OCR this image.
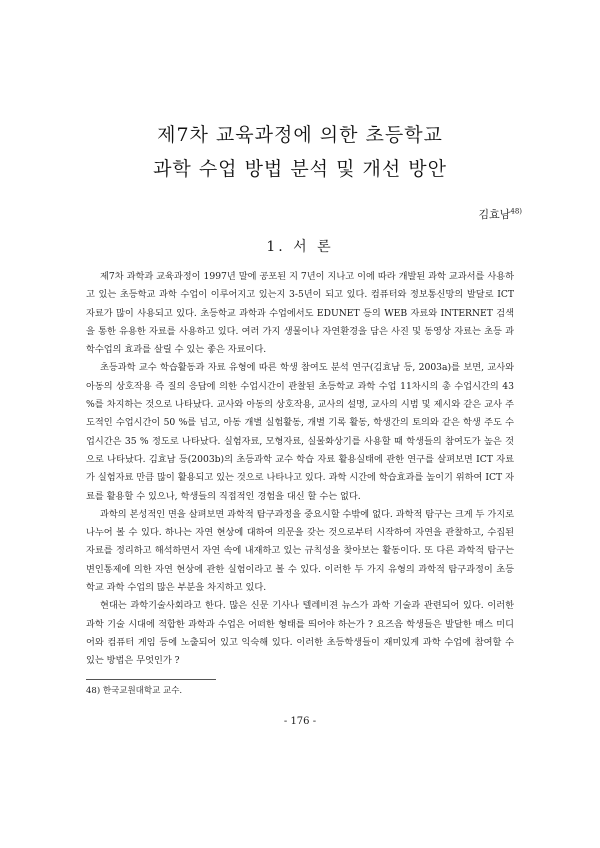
제7차 교육과정에 의한 초등학교
과학 수업 방법 분석 및 개선 방안
김효남$^{48)}$
1. 서 론

제7차 과학과 교육과정이 1997년 말에 공포된 지 7년이 지나고 이에 따라 개발된 과학 교과서를 사용하고 있는 초등학교 과학 수업이 이루어지고 있는지 3-5년이 되고 있다. 컴퓨터와 정보통신망의 발달로 ICT 자료가 많이 사용되고 있다. 초등학교 과학과 수업에서도 EDUNET 등의 WEB 자료와 INTERNET 검색을 통한 유용한 자료를 사용하고 있다. 여러 가지 생물이나 자연환경을 담은 사진 및 동영상 자료는 초등 과학수업의 효과를 살릴 수 있는 좋은 자료이다.

초등과학 교수 학습활동과 자료 유형에 따른 학생 참여도 분석 연구(김효남 등, 2003a)를 보면, 교사와 아동의 상호작용 즉 질의 응답에 의한 수업시간이 관찰된 초등학교 과학 수업 11차시의 총 수업시간의 43 %를 차지하는 것으로 나타났다. 교사와 아동의 상호작용, 교사의 설명, 교사의 시범 및 제시와 같은 교사 주도적인 수업시간이 50 %를 넘고, 아동 개별 실험활동, 개별 기록 활동, 학생간의 토의와 같은 학생 주도 수업시간은 35 % 정도로 나타났다. 실험자료, 모형자료, 실물화상기를 사용할 때 학생들의 참여도가 높은 것으로 나타났다. 김효남 등(2003b)의 초등과학 교수 학습 자료 활용실태에 관한 연구를 살펴보면 ICT 자료가 실험자료 만큼 많이 활용되고 있는 것으로 나타나고 있다. 과학 시간에 학습효과를 높이기 위하여 ICT 자료를 활용할 수 있으나, 학생들의 직접적인 경험을 대신 할 수는 없다.

과학의 본성적인 면을 살펴보면 과학적 탐구과정을 중요시할 수밖에 없다. 과학적 탐구는 크게 두 가지로 나누어 볼 수 있다. 하나는 자연 현상에 대하여 의문을 갖는 것으로부터 시작하여 자연을 관찰하고, 수집된 자료를 정리하고 해석하면서 자연 속에 내재하고 있는 규칙성을 찾아보는 활동이다. 또 다른 과학적 탐구는 변인통제에 의한 자연 현상에 관한 실험이라고 볼 수 있다. 이러한 두 가지 유형의 과학적 탐구과정이 초등학교 과학 수업의 많은 부분을 차지하고 있다.

현대는 과학기술사회라고 한다. 많은 신문 기사나 텔레비젼 뉴스가 과학 기술과 관련되어 있다. 이러한 과학 기술 시대에 적합한 과학과 수업은 어떠한 형태를 띄어야 하는가 ? 요즈음 학생들은 발달한 매스 미디어와 컴퓨터 게임 등에 노출되어 있고 익숙해 있다. 이러한 초등학생들이 재미있게 과학 수업에 참여할 수 있는 방법은 무엇인가 ?

48) 한국교원대학교 교수.
- 176 -
